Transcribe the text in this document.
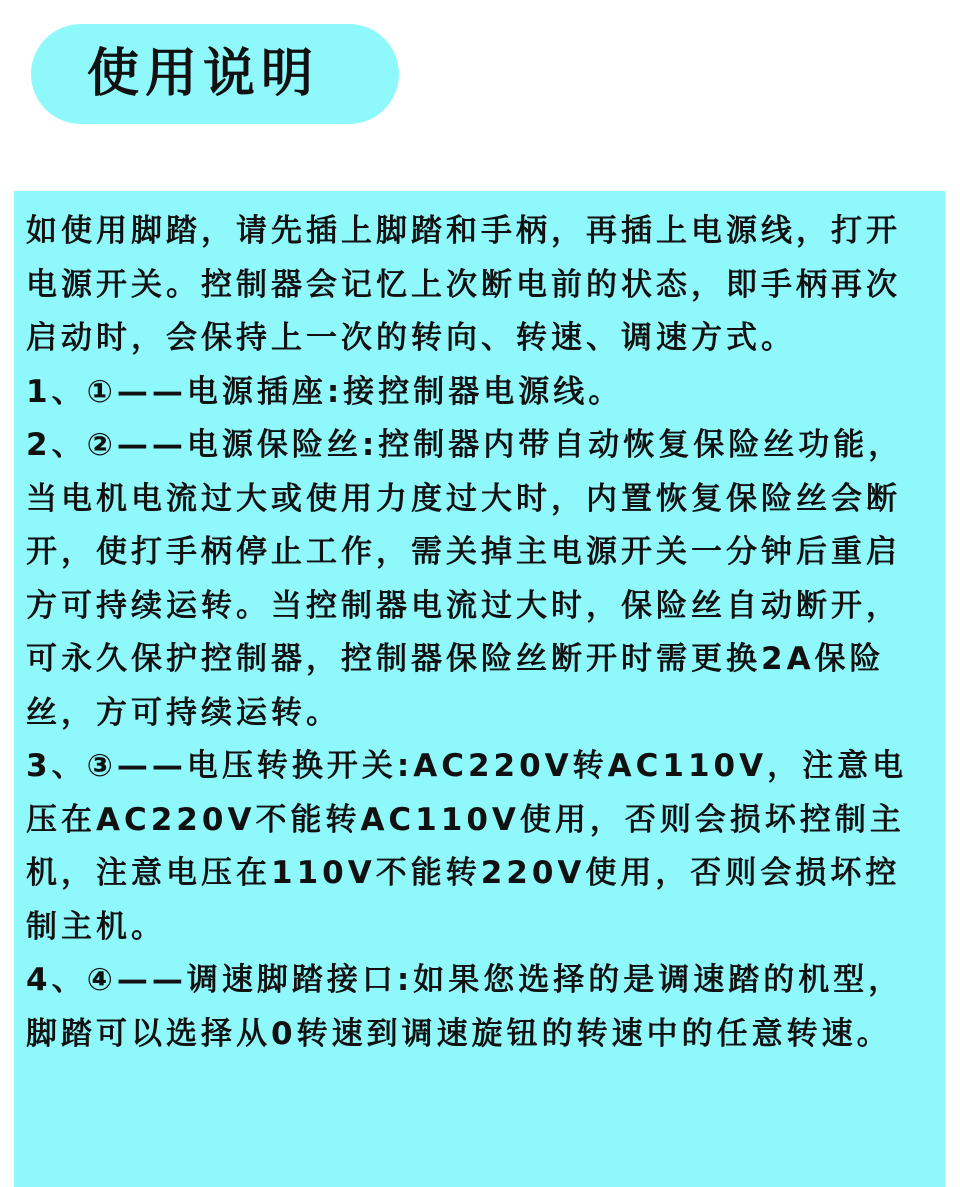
使用说明

如使用脚踏，请先插上脚踏和手柄，再插上电源线，打开电源开关。控制器会记忆上次断电前的状态，即手柄再次启动时，会保持上一次的转向、转速、调速方式。

1、①——电源插座:接控制器电源线。

2、②——电源保险丝:控制器内带自动恢复保险丝功能，当电机电流过大或使用力度过大时，内置恢复保险丝会断开，使打手柄停止工作，需关掉主电源开关一分钟后重启方可持续运转。当控制器电流过大时，保险丝自动断开，可永久保护控制器，控制器保险丝断开时需更换2A保险丝，方可持续运转。

3、③——电压转换开关:AC220V转AC110V，注意电压在AC220V不能转AC110V使用，否则会损坏控制主机，注意电压在110V不能转220V使用，否则会损坏控制主机。

4、④——调速脚踏接口:如果您选择的是调速踏的机型，脚踏可以选择从0转速到调速旋钮的转速中的任意转速。
